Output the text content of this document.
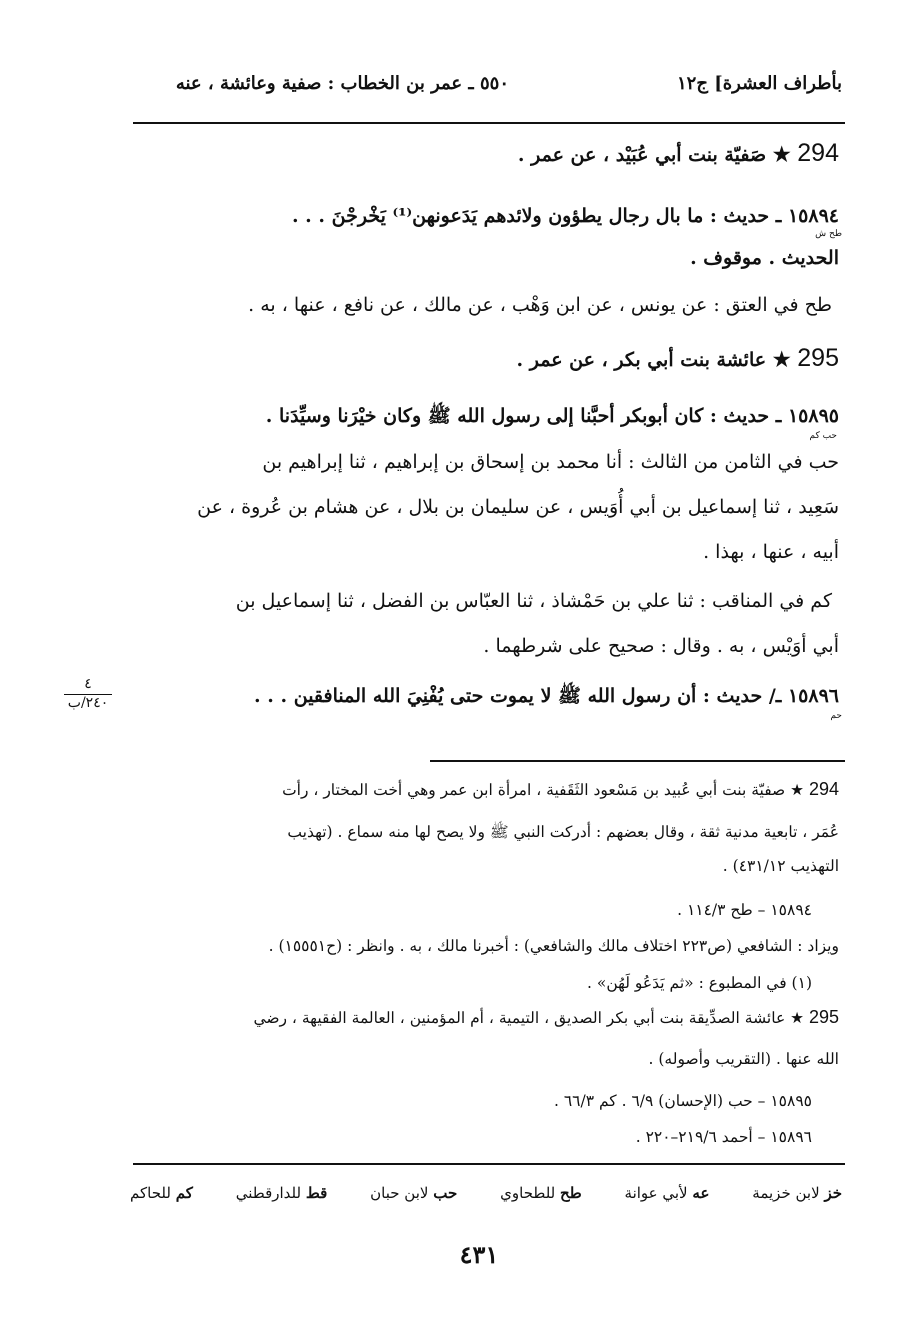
بأطراف العشرة] ج١٢
٥٥٠ ـ عمر بن الخطاب : صفية وعائشة ، عنه
294 ★ صَفيّة بنت أبي عُبَيْد ، عن عمر .
١٥٨٩٤ ـ حديث : ما بال رجال يطؤون ولائدهم يَدَعونهن⁽¹⁾ يَخْرجْنَ . . .
طح ش
الحديث . موقوف .
طح في العتق : عن يونس ، عن ابن وَهْب ، عن مالك ، عن نافع ، عنها ، به .
295 ★ عائشة بنت أبي بكر ، عن عمر .
١٥٨٩٥ ـ حديث : كان أبوبكر أحبَّنا إلى رسول الله ﷺ وكان خيْرَنا وسيِّدَنا .
حب كم
حب في الثامن من الثالث : أنا محمد بن إسحاق بن إبراهيم ، ثنا إبراهيم بن
سَعِيد ، ثنا إسماعيل بن أبي أُوَيس ، عن سليمان بن بلال ، عن هشام بن عُروة ، عن
أبيه ، عنها ، بهذا .
كم في المناقب : ثنا علي بن حَمْشاذ ، ثنا العبّاس بن الفضل ، ثنا إسماعيل بن
أبي أوَيْس ، به . وقال : صحيح على شرطهما .
١٥٨٩٦ ـ/ حديث : أن رسول الله ﷺ لا يموت حتى يُفْنِيَ الله المنافقين . . .
حم
٤
٢٤٠/ب
294 ★ صفيّة بنت أبي عُبيد بن مَسْعود الثَقَفية ، امرأة ابن عمر وهي أخت المختار ، رأت
عُمَر ، تابعية مدنية ثقة ، وقال بعضهم : أدركت النبي ﷺ ولا يصح لها منه سماع . (تهذيب
التهذيب ٤٣١/١٢) .
١٥٨٩٤ – طح ١١٤/٣ .
ويزاد : الشافعي (ص٢٢٣ اختلاف مالك والشافعي) : أخبرنا مالك ، به . وانظر : (ح١٥٥٥١) .
(١) في المطبوع : «ثم يَدَعُو لَهُن» .
295 ★ عائشة الصدِّيقة بنت أبي بكر الصديق ، التيمية ، أم المؤمنين ، العالمة الفقيهة ، رضي
الله عنها . (التقريب وأصوله) .
١٥٨٩٥ – حب (الإحسان) ٦/٩ . كم ٦٦/٣ .
١٥٨٩٦ – أحمد ٢١٩/٦–٢٢٠ .
خز لابن خزيمة
عه لأبي عوانة
طح للطحاوي
حب لابن حبان
قط للدارقطني
كم للحاكم
٤٣١
